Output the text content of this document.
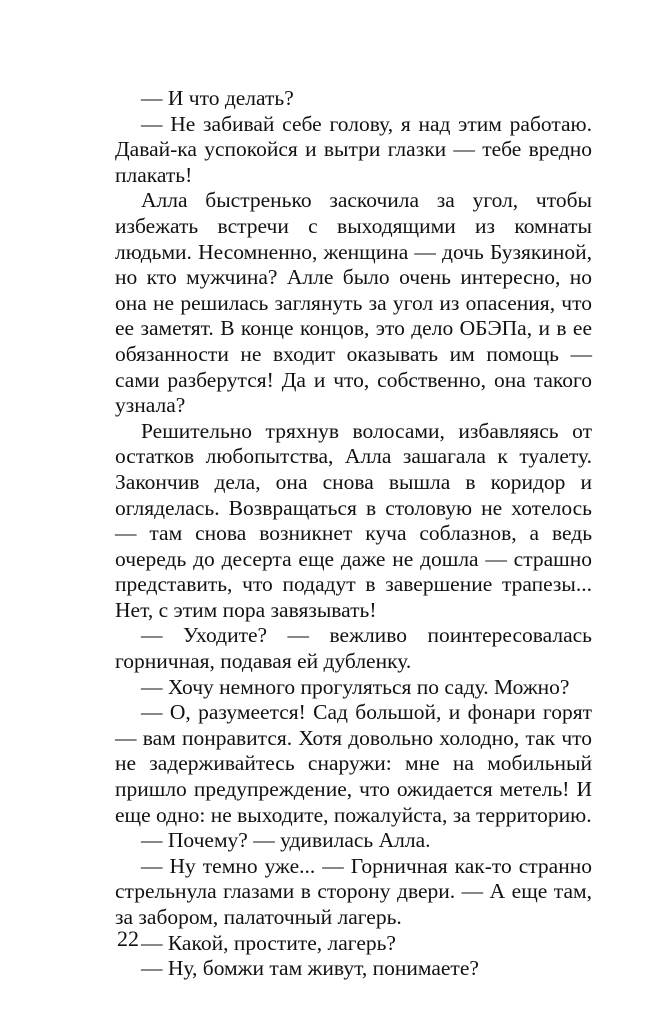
— И что делать?

— Не забивай себе голову, я над этим работаю. Давай-ка успокойся и вытри глазки — тебе вредно плакать!

Алла быстренько заскочила за угол, чтобы избежать встречи с выходящими из комнаты людьми. Несомненно, женщина — дочь Бузякиной, но кто мужчина? Алле было очень интересно, но она не решилась заглянуть за угол из опасения, что ее заметят. В конце концов, это дело ОБЭПа, и в ее обязанности не входит оказывать им помощь — сами разберутся! Да и что, собственно, она такого узнала?

Решительно тряхнув волосами, избавляясь от остатков любопытства, Алла зашагала к туалету. Закончив дела, она снова вышла в коридор и огляделась. Возвращаться в столовую не хотелось — там снова возникнет куча соблазнов, а ведь очередь до десерта еще даже не дошла — страшно представить, что подадут в завершение трапезы... Нет, с этим пора завязывать!

— Уходите? — вежливо поинтересовалась горничная, подавая ей дубленку.

— Хочу немного прогуляться по саду. Можно?

— О, разумеется! Сад большой, и фонари горят — вам понравится. Хотя довольно холодно, так что не задерживайтесь снаружи: мне на мобильный пришло предупреждение, что ожидается метель! И еще одно: не выходите, пожалуйста, за территорию.

— Почему? — удивилась Алла.

— Ну темно уже... — Горничная как-то странно стрельнула глазами в сторону двери. — А еще там, за забором, палаточный лагерь.

— Какой, простите, лагерь?

— Ну, бомжи там живут, понимаете?

22
